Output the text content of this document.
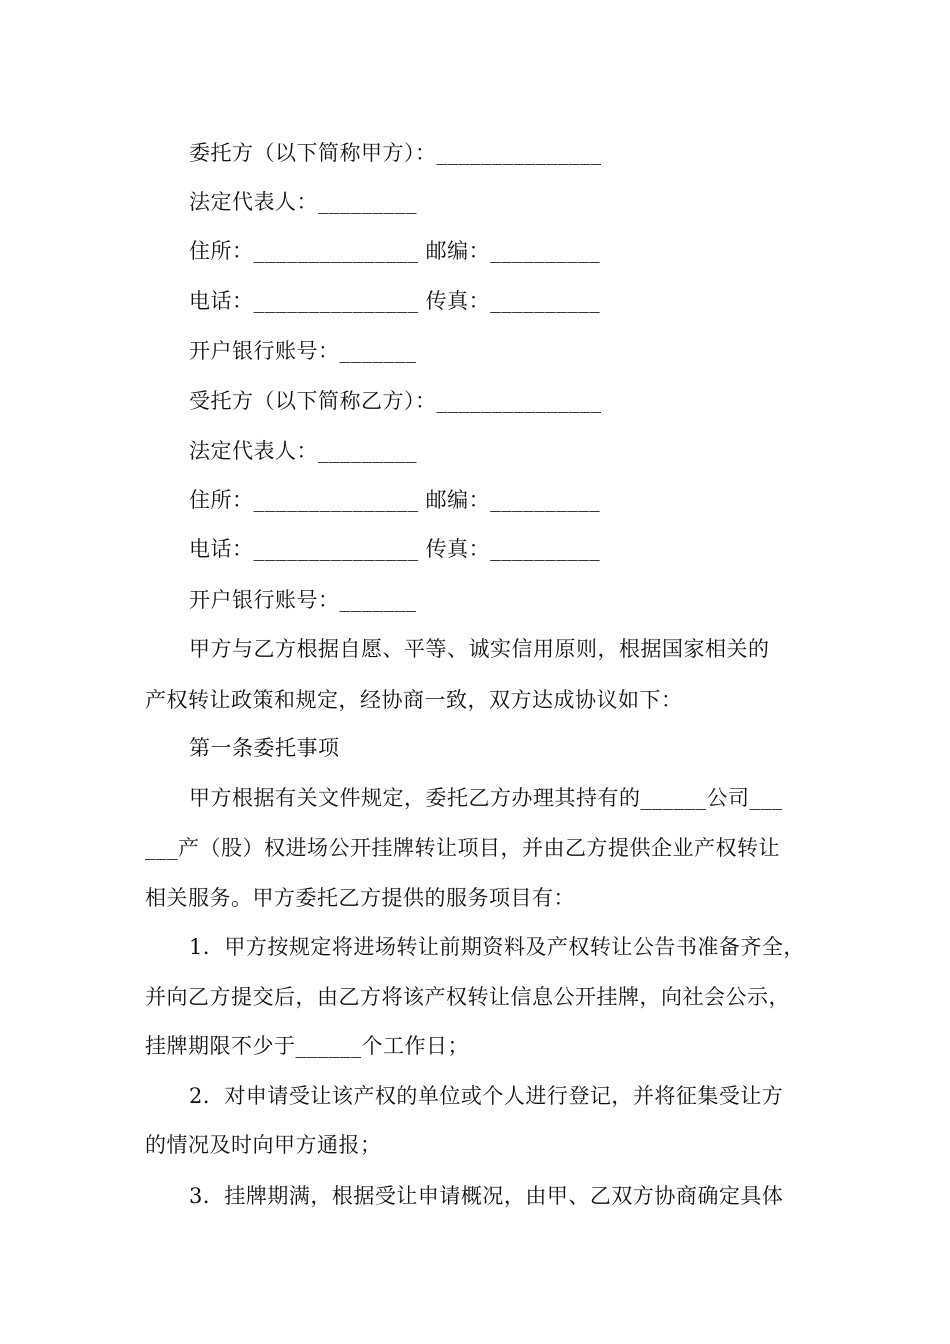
委托方（以下简称甲方）：_______________
法定代表人：_________
住所：_______________ 邮编：__________
电话：_______________ 传真：__________
开户银行账号：_______
受托方（以下简称乙方）：_______________
法定代表人：_________
住所：_______________ 邮编：__________
电话：_______________ 传真：__________
开户银行账号：_______
甲方与乙方根据自愿、平等、诚实信用原则，根据国家相关的
产权转让政策和规定，经协商一致，双方达成协议如下：
第一条委托事项
甲方根据有关文件规定，委托乙方办理其持有的______公司___
___产（股）权进场公开挂牌转让项目，并由乙方提供企业产权转让
相关服务。甲方委托乙方提供的服务项目有：
1．甲方按规定将进场转让前期资料及产权转让公告书准备齐全，
并向乙方提交后，由乙方将该产权转让信息公开挂牌，向社会公示，
挂牌期限不少于______个工作日；
2．对申请受让该产权的单位或个人进行登记，并将征集受让方
的情况及时向甲方通报；
3．挂牌期满，根据受让申请概况，由甲、乙双方协商确定具体
